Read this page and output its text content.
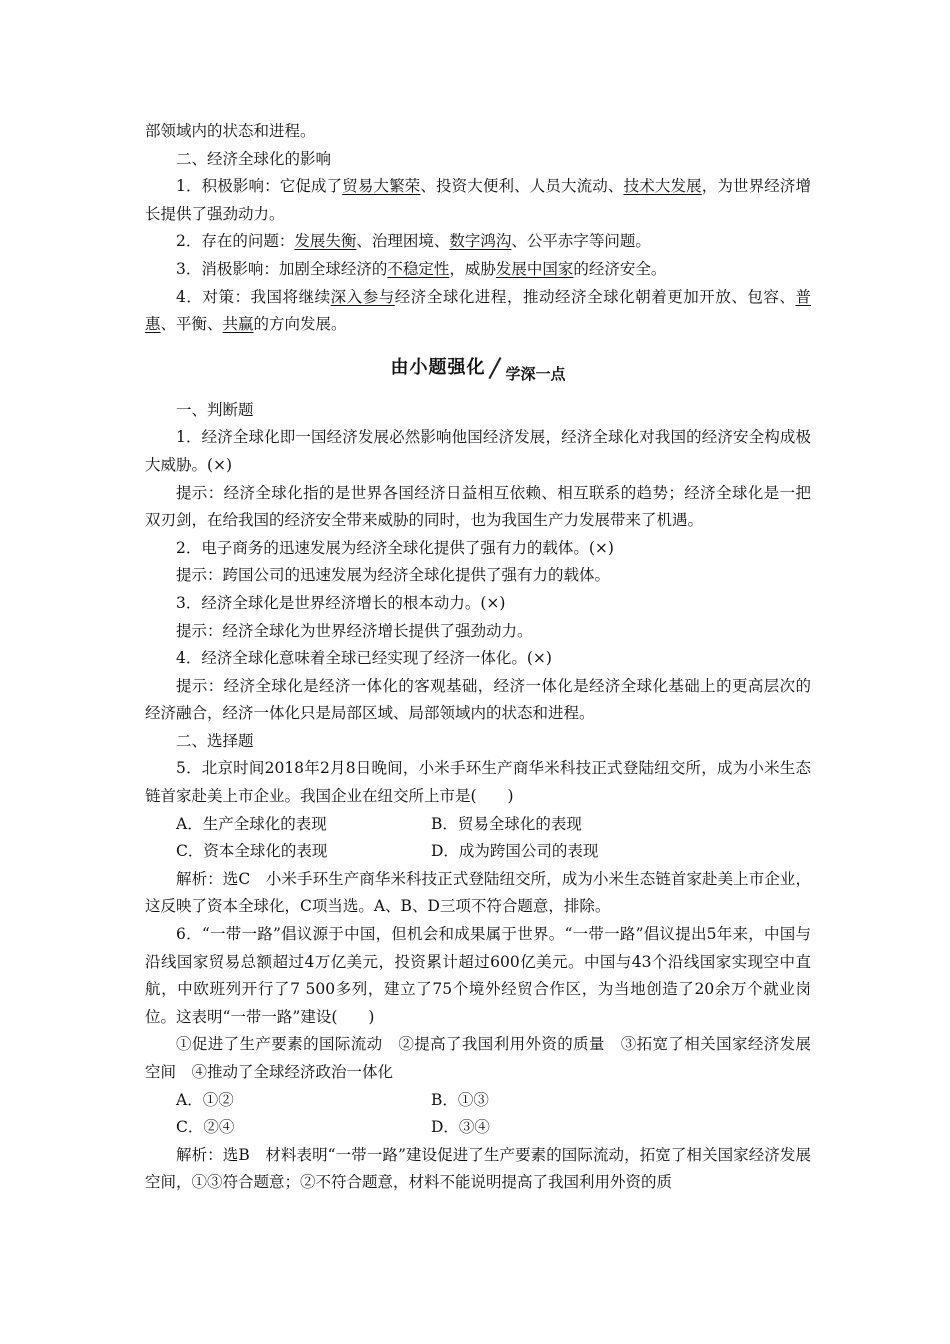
部领域内的状态和进程。

二、经济全球化的影响

1．积极影响：它促成了贸易大繁荣、投资大便利、人员大流动、技术大发展，为世界经济增长提供了强劲动力。

2．存在的问题：发展失衡、治理困境、数字鸿沟、公平赤字等问题。

3．消极影响：加剧全球经济的不稳定性，威胁发展中国家的经济安全。

4．对策：我国将继续深入参与经济全球化进程，推动经济全球化朝着更加开放、包容、普惠、平衡、共赢的方向发展。

由小题强化 学深一点

一、判断题

1．经济全球化即一国经济发展必然影响他国经济发展，经济全球化对我国的经济安全构成极大威胁。(×)

提示：经济全球化指的是世界各国经济日益相互依赖、相互联系的趋势；经济全球化是一把双刃剑，在给我国的经济安全带来威胁的同时，也为我国生产力发展带来了机遇。

2．电子商务的迅速发展为经济全球化提供了强有力的载体。(×)

提示：跨国公司的迅速发展为经济全球化提供了强有力的载体。

3．经济全球化是世界经济增长的根本动力。(×)

提示：经济全球化为世界经济增长提供了强劲动力。

4．经济全球化意味着全球已经实现了经济一体化。(×)

提示：经济全球化是经济一体化的客观基础，经济一体化是经济全球化基础上的更高层次的经济融合，经济一体化只是局部区域、局部领域内的状态和进程。

二、选择题

5．北京时间2018年2月8日晚间，小米手环生产商华米科技正式登陆纽交所，成为小米生态链首家赴美上市企业。我国企业在纽交所上市是(　　)

A．生产全球化的表现	B．贸易全球化的表现
C．资本全球化的表现	D．成为跨国公司的表现

解析：选C　小米手环生产商华米科技正式登陆纽交所，成为小米生态链首家赴美上市企业，这反映了资本全球化，C项当选。A、B、D三项不符合题意，排除。

6．“一带一路”倡议源于中国，但机会和成果属于世界。“一带一路”倡议提出5年来，中国与沿线国家贸易总额超过4万亿美元，投资累计超过600亿美元。中国与43个沿线国家实现空中直航，中欧班列开行了7 500多列，建立了75个境外经贸合作区，为当地创造了20余万个就业岗位。这表明“一带一路”建设(　　)

①促进了生产要素的国际流动　②提高了我国利用外资的质量　③拓宽了相关国家经济发展空间　④推动了全球经济政治一体化

A．①②	B．①③
C．②④	D．③④

解析：选B　材料表明“一带一路”建设促进了生产要素的国际流动，拓宽了相关国家经济发展空间，①③符合题意；②不符合题意，材料不能说明提高了我国利用外资的质
